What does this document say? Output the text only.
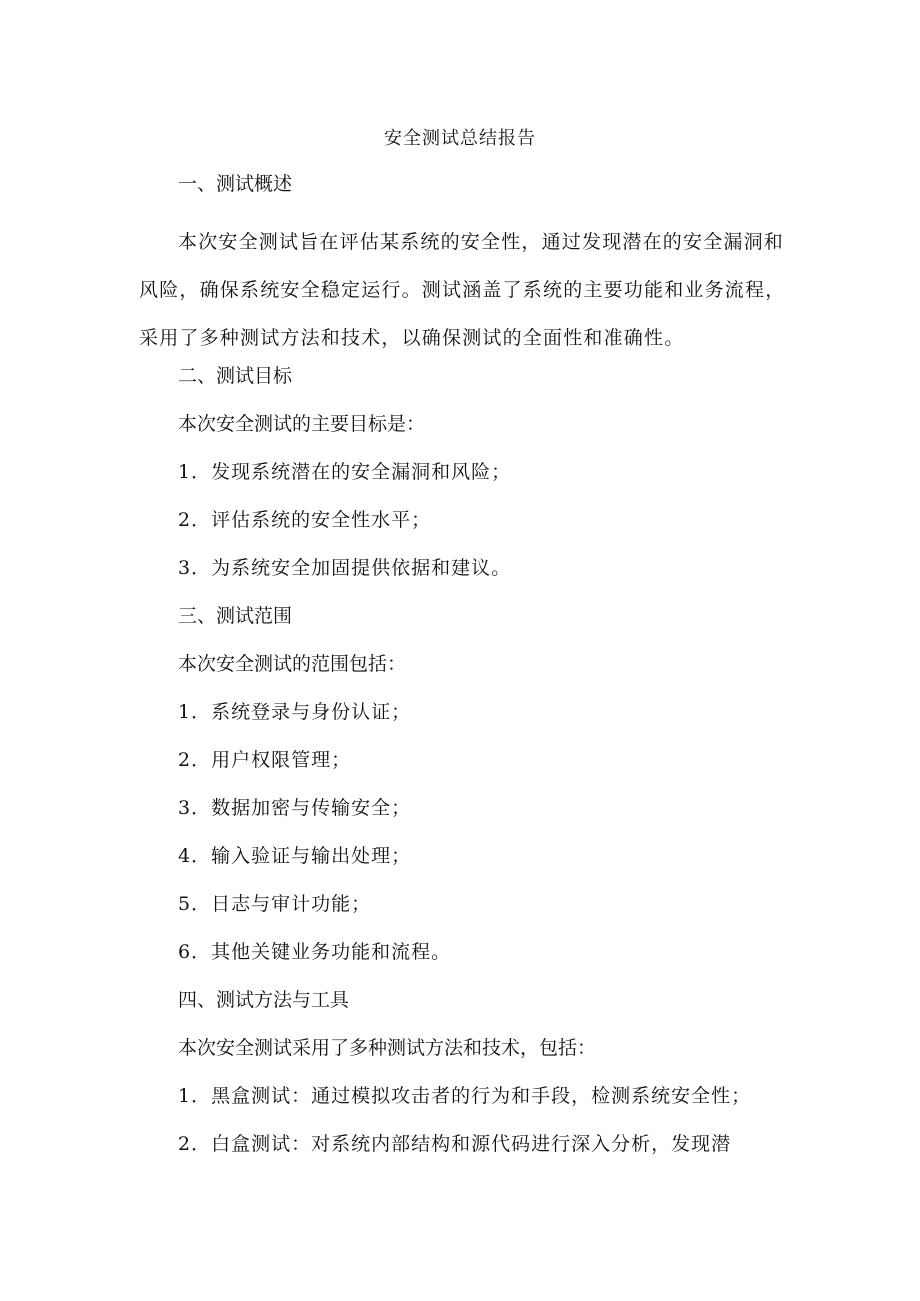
安全测试总结报告
一、测试概述
本次安全测试旨在评估某系统的安全性，通过发现潜在的安全漏洞和风险，确保系统安全稳定运行。测试涵盖了系统的主要功能和业务流程，采用了多种测试方法和技术，以确保测试的全面性和准确性。
二、测试目标
本次安全测试的主要目标是：
1．发现系统潜在的安全漏洞和风险；
2．评估系统的安全性水平；
3．为系统安全加固提供依据和建议。
三、测试范围
本次安全测试的范围包括：
1．系统登录与身份认证；
2．用户权限管理；
3．数据加密与传输安全；
4．输入验证与输出处理；
5．日志与审计功能；
6．其他关键业务功能和流程。
四、测试方法与工具
本次安全测试采用了多种测试方法和技术，包括：
1．黑盒测试：通过模拟攻击者的行为和手段，检测系统安全性；
2．白盒测试：对系统内部结构和源代码进行深入分析，发现潜
